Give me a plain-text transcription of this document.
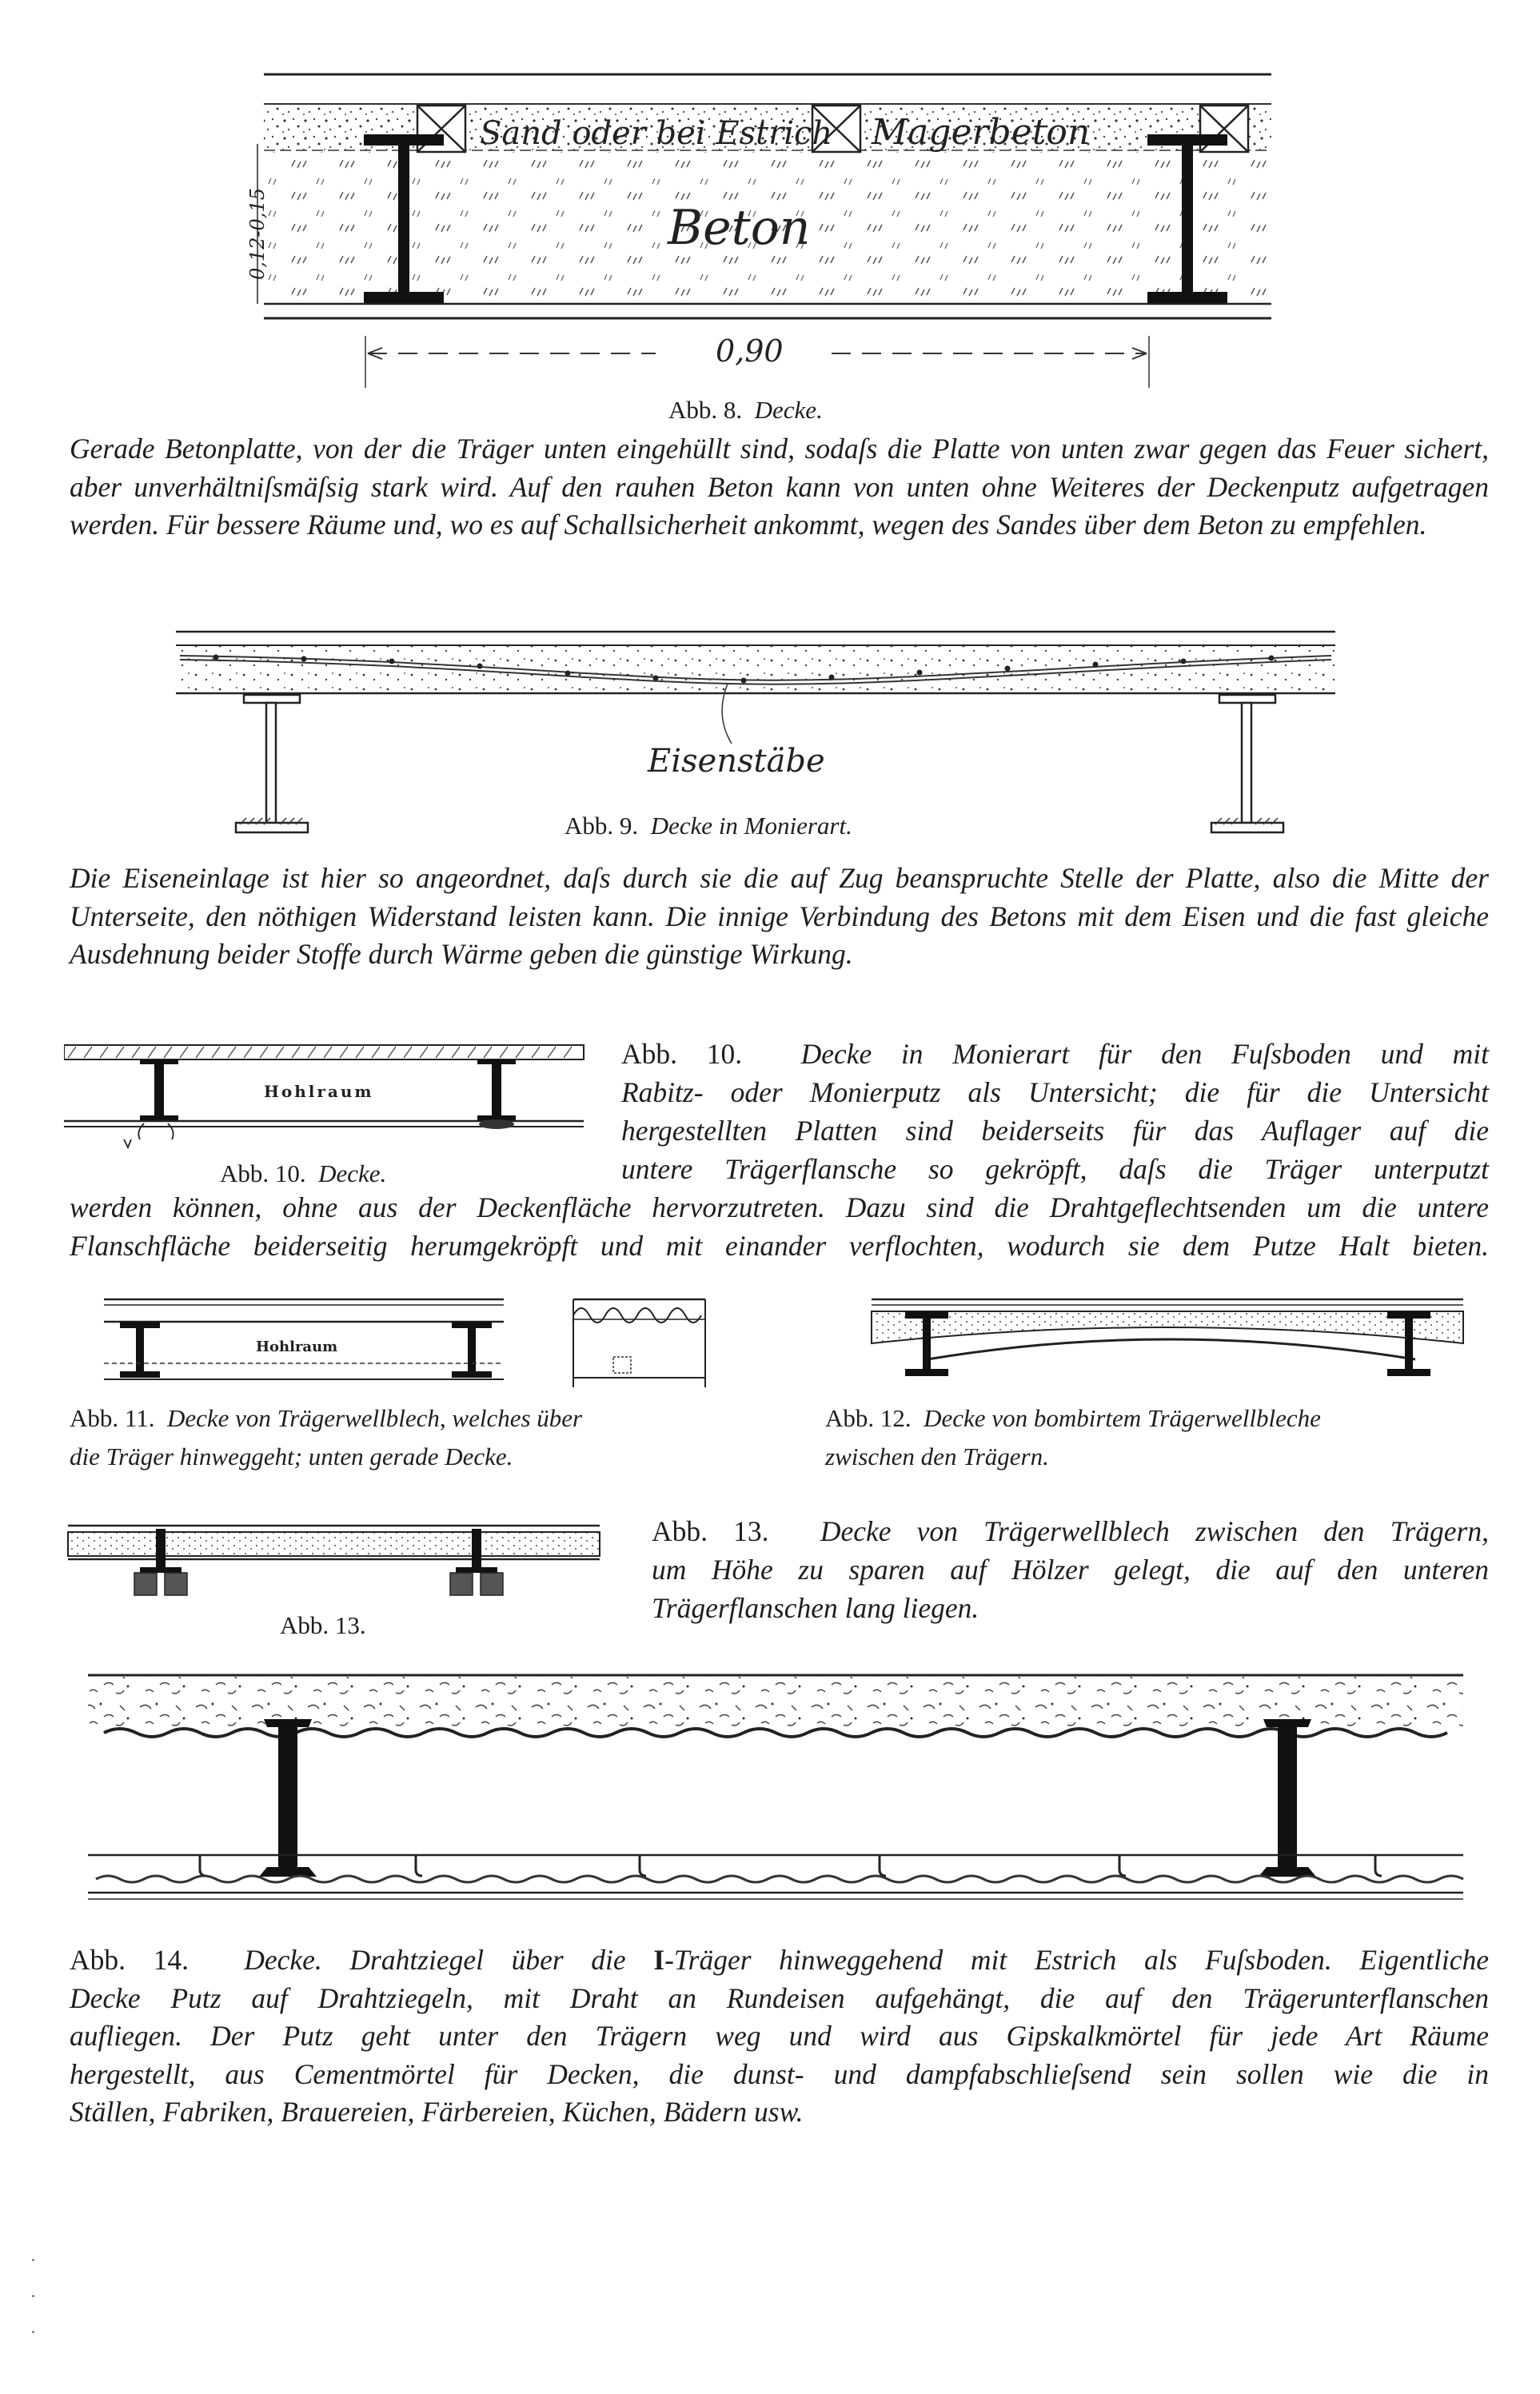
Sand oder bei Estrich Magerbeton
Beton
0,12-0,15
0,90

Abb. 8. Decke.

Gerade Betonplatte, von der die Träger unten eingehüllt sind, sodaſs die Platte von unten zwar gegen das Feuer sichert, aber unverhältniſsmäſsig stark wird. Auf den rauhen Beton kann von unten ohne Weiteres der Deckenputz aufgetragen werden. Für bessere Räume und, wo es auf Schallsicherheit ankommt, wegen des Sandes über dem Beton zu empfehlen.

Eisenstäbe

Abb. 9. Decke in Monierart.

Die Eiseneinlage ist hier so angeordnet, daſs durch sie die auf Zug beanspruchte Stelle der Platte, also die Mitte der Unterseite, den nöthigen Widerstand leisten kann. Die innige Verbindung des Betons mit dem Eisen und die fast gleiche Ausdehnung beider Stoffe durch Wärme geben die günstige Wirkung.

Hohlraum

Abb. 10. Decke.

Abb. 10. Decke in Monierart für den Fuſsboden und mit

Rabitz- oder Monierputz als Untersicht; die für die Untersicht

hergestellten Platten sind beiderseits für das Auflager auf die

untere Trägerflansche so gekröpft, daſs die Träger unterputzt

werden können, ohne aus der Deckenfläche hervorzutreten. Dazu sind die Drahtgeflechtsenden um die untere

Flanschfläche beiderseitig herumgekröpft und mit einander verflochten, wodurch sie dem Putze Halt bieten.

Hohlraum
Abb. 11. Decke von Trägerwellblech, welches über
die Träger hinweggeht; unten gerade Decke.
Abb. 12. Decke von bombirtem Trägerwellbleche
zwischen den Trägern.

Abb. 13.

Abb. 13. Decke von Trägerwellblech zwischen den Trägern,

um Höhe zu sparen auf Hölzer gelegt, die auf den unteren

Trägerflanschen lang liegen.

Abb. 14. Decke. Drahtziegel über die I-Träger hinweggehend mit Estrich als Fuſsboden. Eigentliche

Decke Putz auf Drahtziegeln, mit Draht an Rundeisen aufgehängt, die auf den Trägerunterflanschen

aufliegen. Der Putz geht unter den Trägern weg und wird aus Gipskalkmörtel für jede Art Räume

hergestellt, aus Cementmörtel für Decken, die dunst- und dampfabschlieſsend sein sollen wie die in

Ställen, Fabriken, Brauereien, Färbereien, Küchen, Bädern usw.
